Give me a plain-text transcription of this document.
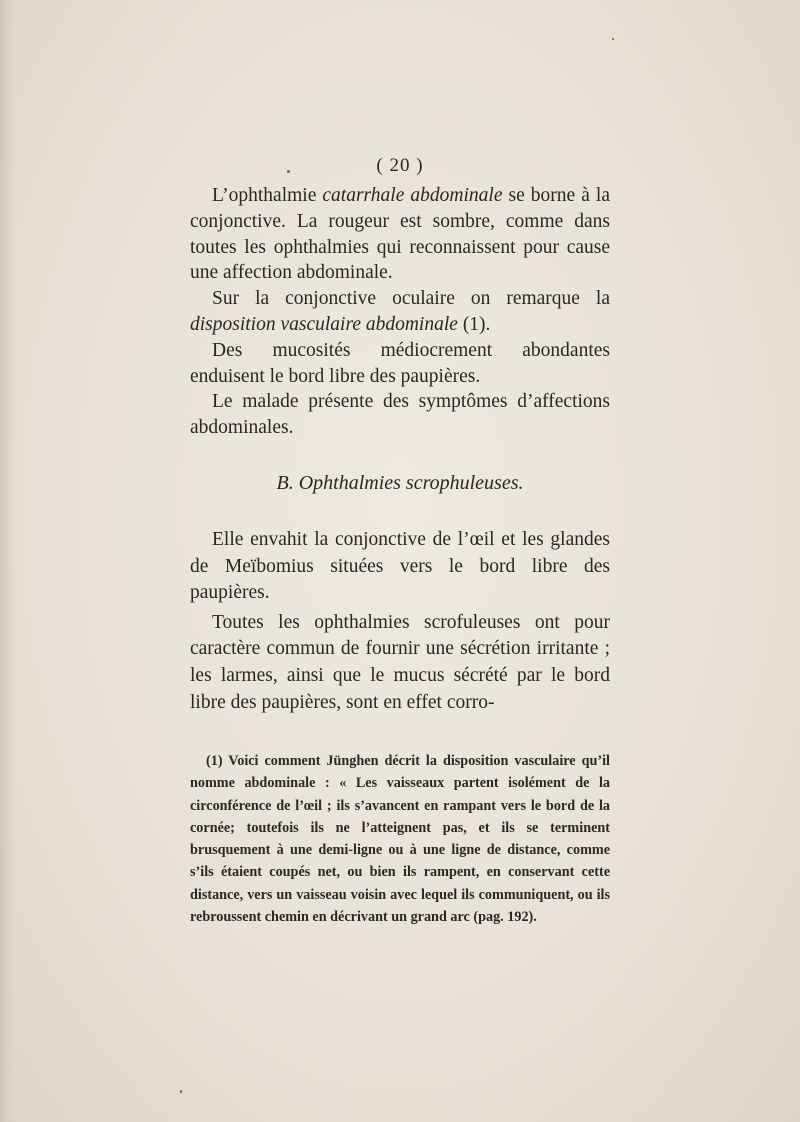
( 20 )

L’ophthalmie catarrhale abdominale se borne à la conjonctive. La rougeur est sombre, comme dans toutes les ophthalmies qui reconnaissent pour cause une affection abdominale.

Sur la conjonctive oculaire on remarque la disposition vasculaire abdominale (1).

Des mucosités médiocrement abondantes enduisent le bord libre des paupières.

Le malade présente des symptômes d’affections abdominales.

B. Ophthalmies scrophuleuses.

Elle envahit la conjonctive de l’œil et les glandes de Meïbomius situées vers le bord libre des paupières.

Toutes les ophthalmies scrofuleuses ont pour caractère commun de fournir une sécrétion irritante ; les larmes, ainsi que le mucus sécrété par le bord libre des paupières, sont en effet corro-

(1) Voici comment Jünghen décrit la disposition vasculaire qu’il nomme abdominale : « Les vaisseaux partent isolément de la circonférence de l’œil ; ils s’avancent en rampant vers le bord de la cornée; toutefois ils ne l’atteignent pas, et ils se terminent brusquement à une demi-ligne ou à une ligne de distance, comme s’ils étaient coupés net, ou bien ils rampent, en conservant cette distance, vers un vaisseau voisin avec lequel ils communiquent, ou ils rebroussent chemin en décrivant un grand arc (pag. 192).
